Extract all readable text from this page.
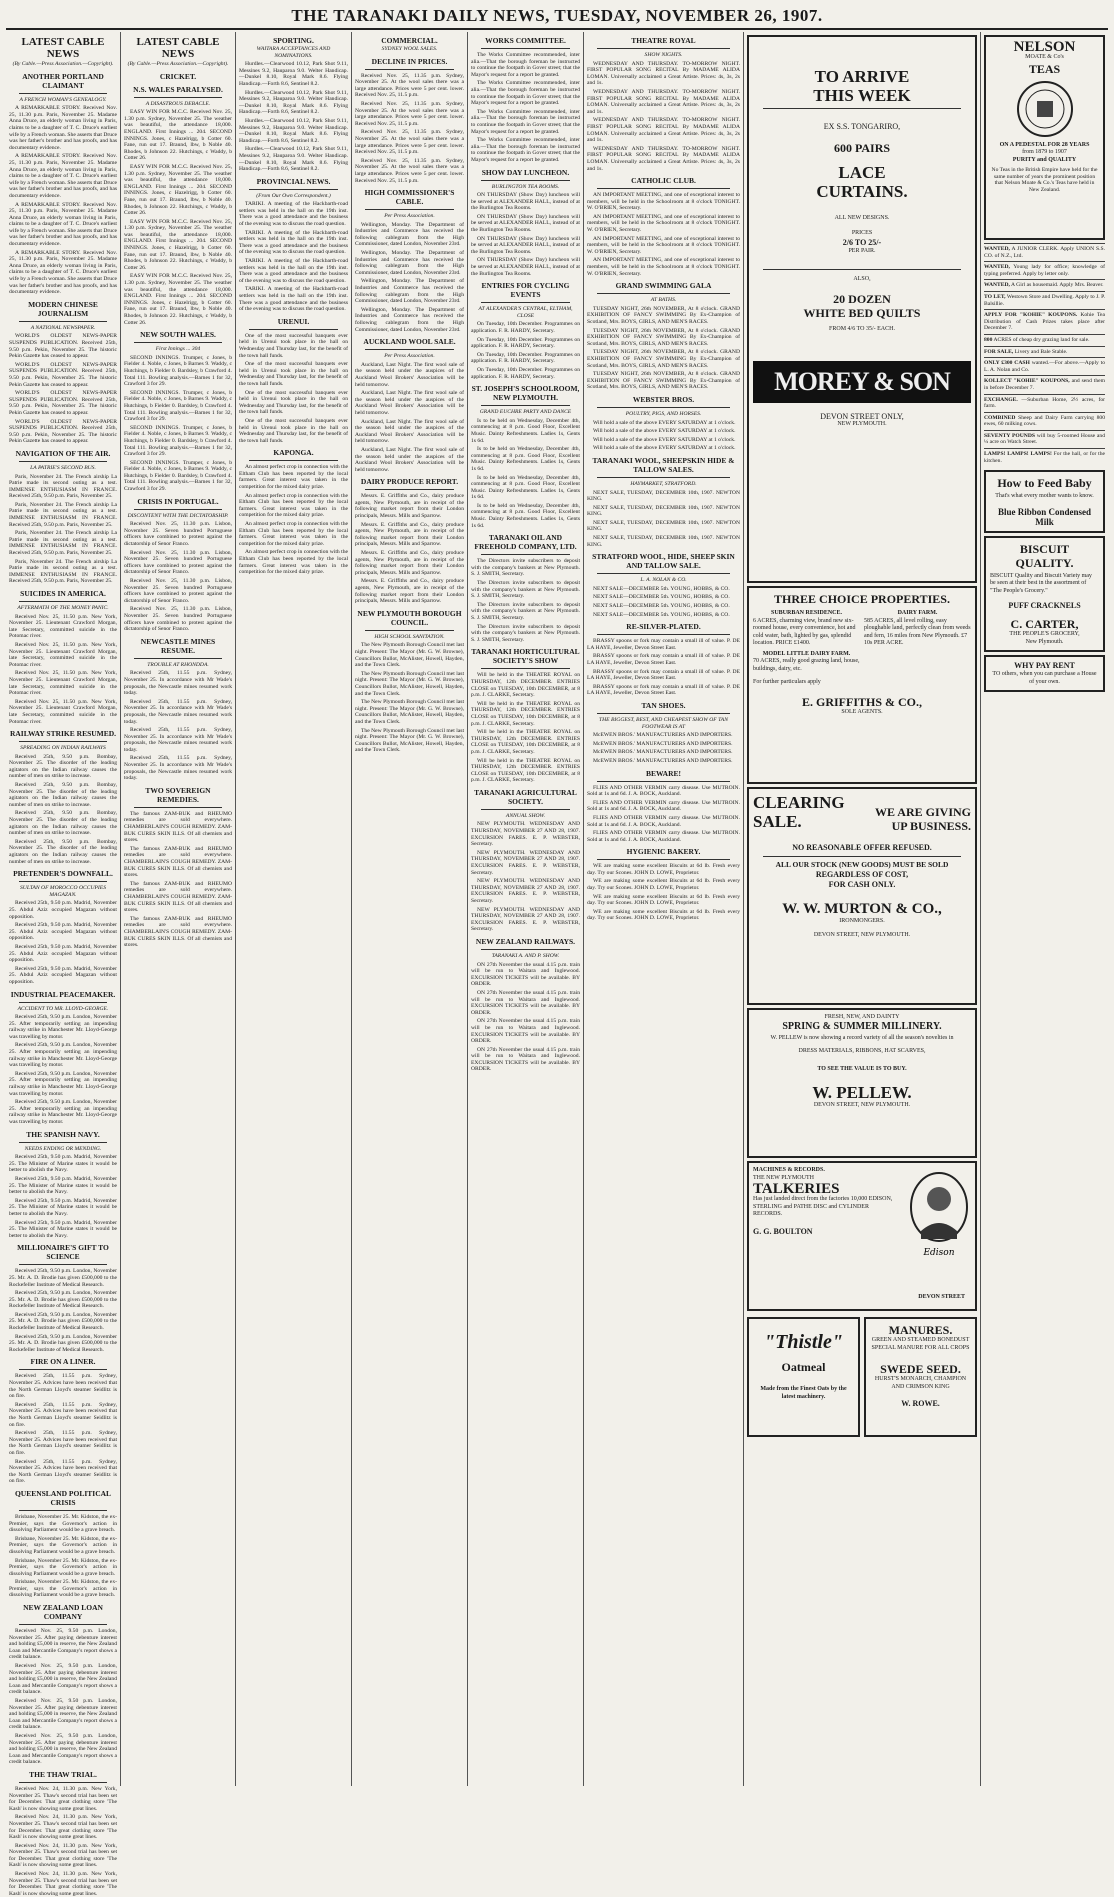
THE TARANAKI DAILY NEWS, TUESDAY, NOVEMBER 26, 1907.
LATEST CABLE NEWS
(By Cable.—Press Association.—Copyright).
ANOTHER PORTLAND CLAIMANT
A FRENCH WOMAN'S GENEALOGY.

A REMARKABLE STORY. Received Nov. 25, 11.30 p.m. Paris, November 25. Madame Anna Druce, an elderly woman living in Paris, claims to be a daughter of T. C. Druce's earliest wife by a French woman. She asserts that Druce was her father's brother and has proofs, and has documentary evidence.

A REMARKABLE STORY. Received Nov. 25, 11.30 p.m. Paris, November 25. Madame Anna Druce, an elderly woman living in Paris, claims to be a daughter of T. C. Druce's earliest wife by a French woman. She asserts that Druce was her father's brother and has proofs, and has documentary evidence.

A REMARKABLE STORY. Received Nov. 25, 11.30 p.m. Paris, November 25. Madame Anna Druce, an elderly woman living in Paris, claims to be a daughter of T. C. Druce's earliest wife by a French woman. She asserts that Druce was her father's brother and has proofs, and has documentary evidence.

A REMARKABLE STORY. Received Nov. 25, 11.30 p.m. Paris, November 25. Madame Anna Druce, an elderly woman living in Paris, claims to be a daughter of T. C. Druce's earliest wife by a French woman. She asserts that Druce was her father's brother and has proofs, and has documentary evidence.

MODERN CHINESE JOURNALISM
A NATIONAL NEWSPAPER.

WORLD'S OLDEST NEWS-PAPER SUSPENDS PUBLICATION. Received 25th, 9.50 p.m. Pekin, November 25. The historic Pekin Gazette has ceased to appear.

WORLD'S OLDEST NEWS-PAPER SUSPENDS PUBLICATION. Received 25th, 9.50 p.m. Pekin, November 25. The historic Pekin Gazette has ceased to appear.

WORLD'S OLDEST NEWS-PAPER SUSPENDS PUBLICATION. Received 25th, 9.50 p.m. Pekin, November 25. The historic Pekin Gazette has ceased to appear.

WORLD'S OLDEST NEWS-PAPER SUSPENDS PUBLICATION. Received 25th, 9.50 p.m. Pekin, November 25. The historic Pekin Gazette has ceased to appear.

NAVIGATION OF THE AIR.
LA PATRIE'S SECOND BUS.

Paris, November 24. The French airship La Patrie made its second outing as a test. IMMENSE ENTHUSIASM IN FRANCE. Received 25th, 9.50 p.m. Paris, November 25.

Paris, November 24. The French airship La Patrie made its second outing as a test. IMMENSE ENTHUSIASM IN FRANCE. Received 25th, 9.50 p.m. Paris, November 25.

Paris, November 24. The French airship La Patrie made its second outing as a test. IMMENSE ENTHUSIASM IN FRANCE. Received 25th, 9.50 p.m. Paris, November 25.

Paris, November 24. The French airship La Patrie made its second outing as a test. IMMENSE ENTHUSIASM IN FRANCE. Received 25th, 9.50 p.m. Paris, November 25.

SUICIDES IN AMERICA.
AFTERMATH OF THE MONEY PANIC.

Received Nov. 25, 11.50 p.m. New York, November 25. Lieutenant Crawford Morgan, late Secretary, committed suicide in the Potomac river.

Received Nov. 25, 11.50 p.m. New York, November 25. Lieutenant Crawford Morgan, late Secretary, committed suicide in the Potomac river.

Received Nov. 25, 11.50 p.m. New York, November 25. Lieutenant Crawford Morgan, late Secretary, committed suicide in the Potomac river.

Received Nov. 25, 11.50 p.m. New York, November 25. Lieutenant Crawford Morgan, late Secretary, committed suicide in the Potomac river.

RAILWAY STRIKE RESUMED.
SPREADING ON INDIAN RAILWAYS

Received 25th, 9.50 p.m. Bombay, November 25. The disorder of the leading agitators on the Indian railway causes the number of men on strike to increase.

Received 25th, 9.50 p.m. Bombay, November 25. The disorder of the leading agitators on the Indian railway causes the number of men on strike to increase.

Received 25th, 9.50 p.m. Bombay, November 25. The disorder of the leading agitators on the Indian railway causes the number of men on strike to increase.

Received 25th, 9.50 p.m. Bombay, November 25. The disorder of the leading agitators on the Indian railway causes the number of men on strike to increase.

PRETENDER'S DOWNFALL.
SULTAN OF MOROCCO OCCUPIES MAGAZAN.

Received 25th, 9.50 p.m. Madrid, November 25. Abdul Aziz occupied Magazan without opposition.

Received 25th, 9.50 p.m. Madrid, November 25. Abdul Aziz occupied Magazan without opposition.

Received 25th, 9.50 p.m. Madrid, November 25. Abdul Aziz occupied Magazan without opposition.

Received 25th, 9.50 p.m. Madrid, November 25. Abdul Aziz occupied Magazan without opposition.

INDUSTRIAL PEACEMAKER.
ACCIDENT TO MR. LLOYD-GEORGE.

Received 25th, 9.50 p.m. London, November 25. After temporarily settling an impending railway strike in Manchester Mr. Lloyd-George was travelling by motor.

Received 25th, 9.50 p.m. London, November 25. After temporarily settling an impending railway strike in Manchester Mr. Lloyd-George was travelling by motor.

Received 25th, 9.50 p.m. London, November 25. After temporarily settling an impending railway strike in Manchester Mr. Lloyd-George was travelling by motor.

Received 25th, 9.50 p.m. London, November 25. After temporarily settling an impending railway strike in Manchester Mr. Lloyd-George was travelling by motor.

THE SPANISH NAVY.
NEEDS ENDING OR MENDING.

Received 25th, 9.50 p.m. Madrid, November 25. The Minister of Marine states it would be better to abolish the Navy.

Received 25th, 9.50 p.m. Madrid, November 25. The Minister of Marine states it would be better to abolish the Navy.

Received 25th, 9.50 p.m. Madrid, November 25. The Minister of Marine states it would be better to abolish the Navy.

Received 25th, 9.50 p.m. Madrid, November 25. The Minister of Marine states it would be better to abolish the Navy.

MILLIONAIRE'S GIFT TO SCIENCE

Received 25th, 9.50 p.m. London, November 25. Mr. A. D. Brodie has given £500,000 to the Rockefeller Institute of Medical Research.

Received 25th, 9.50 p.m. London, November 25. Mr. A. D. Brodie has given £500,000 to the Rockefeller Institute of Medical Research.

Received 25th, 9.50 p.m. London, November 25. Mr. A. D. Brodie has given £500,000 to the Rockefeller Institute of Medical Research.

Received 25th, 9.50 p.m. London, November 25. Mr. A. D. Brodie has given £500,000 to the Rockefeller Institute of Medical Research.

FIRE ON A LINER.

Received 25th, 11.55 p.m. Sydney, November 25. Advices have been received that the North German Lloyd's steamer Seidlitz is on fire.

Received 25th, 11.55 p.m. Sydney, November 25. Advices have been received that the North German Lloyd's steamer Seidlitz is on fire.

Received 25th, 11.55 p.m. Sydney, November 25. Advices have been received that the North German Lloyd's steamer Seidlitz is on fire.

Received 25th, 11.55 p.m. Sydney, November 25. Advices have been received that the North German Lloyd's steamer Seidlitz is on fire.

QUEENSLAND POLITICAL CRISIS

Brisbane, November 25. Mr. Kidston, the ex-Premier, says the Governor's action in dissolving Parliament would be a grave breach.

Brisbane, November 25. Mr. Kidston, the ex-Premier, says the Governor's action in dissolving Parliament would be a grave breach.

Brisbane, November 25. Mr. Kidston, the ex-Premier, says the Governor's action in dissolving Parliament would be a grave breach.

Brisbane, November 25. Mr. Kidston, the ex-Premier, says the Governor's action in dissolving Parliament would be a grave breach.

NEW ZEALAND LOAN COMPANY

Received Nov. 25, 9.50 p.m. London, November 25. After paying debenture interest and holding £5,000 in reserve, the New Zealand Loan and Mercantile Company's report shows a credit balance.

Received Nov. 25, 9.50 p.m. London, November 25. After paying debenture interest and holding £5,000 in reserve, the New Zealand Loan and Mercantile Company's report shows a credit balance.

Received Nov. 25, 9.50 p.m. London, November 25. After paying debenture interest and holding £5,000 in reserve, the New Zealand Loan and Mercantile Company's report shows a credit balance.

Received Nov. 25, 9.50 p.m. London, November 25. After paying debenture interest and holding £5,000 in reserve, the New Zealand Loan and Mercantile Company's report shows a credit balance.

THE THAW TRIAL.

Received Nov. 24, 11.30 p.m. New York, November 25. Thaw's second trial has been set for December. That great clothing store 'The Kash' is now showing some great lines.

Received Nov. 24, 11.30 p.m. New York, November 25. Thaw's second trial has been set for December. That great clothing store 'The Kash' is now showing some great lines.

Received Nov. 24, 11.30 p.m. New York, November 25. Thaw's second trial has been set for December. That great clothing store 'The Kash' is now showing some great lines.

Received Nov. 24, 11.30 p.m. New York, November 25. Thaw's second trial has been set for December. That great clothing store 'The Kash' is now showing some great lines.

LATEST CABLE NEWS
(By Cable.—Press Association.—Copyright).
CRICKET.
N.S. WALES PARALYSED.
A DISASTROUS DEBACLE.

EASY WIN FOR M.C.C. Received Nov. 25, 1.30 p.m. Sydney, November 25. The weather was beautiful, the attendance 18,000. ENGLAND. First Innings ... 204. SECOND INNINGS. Jones, c Hazelrigg, b Cotter 60. Fane, run out 17. Braund, lbw, b Noble 40. Rhodes, b Johnson 22. Hutchings, c Waddy, b Cotter 26.

EASY WIN FOR M.C.C. Received Nov. 25, 1.30 p.m. Sydney, November 25. The weather was beautiful, the attendance 18,000. ENGLAND. First Innings ... 204. SECOND INNINGS. Jones, c Hazelrigg, b Cotter 60. Fane, run out 17. Braund, lbw, b Noble 40. Rhodes, b Johnson 22. Hutchings, c Waddy, b Cotter 26.

EASY WIN FOR M.C.C. Received Nov. 25, 1.30 p.m. Sydney, November 25. The weather was beautiful, the attendance 18,000. ENGLAND. First Innings ... 204. SECOND INNINGS. Jones, c Hazelrigg, b Cotter 60. Fane, run out 17. Braund, lbw, b Noble 40. Rhodes, b Johnson 22. Hutchings, c Waddy, b Cotter 26.

EASY WIN FOR M.C.C. Received Nov. 25, 1.30 p.m. Sydney, November 25. The weather was beautiful, the attendance 18,000. ENGLAND. First Innings ... 204. SECOND INNINGS. Jones, c Hazelrigg, b Cotter 60. Fane, run out 17. Braund, lbw, b Noble 40. Rhodes, b Johnson 22. Hutchings, c Waddy, b Cotter 26.

NEW SOUTH WALES.
First Innings ... 304

SECOND INNINGS. Trumper, c Jones, b Fielder 4. Noble, c Jones, b Barnes 9. Waddy, c Hutchings, b Fielder 0. Bardsley, b Crawford 4. Total 111. Bowling analysis.—Barnes 1 for 32, Crawford 3 for 29.

SECOND INNINGS. Trumper, c Jones, b Fielder 4. Noble, c Jones, b Barnes 9. Waddy, c Hutchings, b Fielder 0. Bardsley, b Crawford 4. Total 111. Bowling analysis.—Barnes 1 for 32, Crawford 3 for 29.

SECOND INNINGS. Trumper, c Jones, b Fielder 4. Noble, c Jones, b Barnes 9. Waddy, c Hutchings, b Fielder 0. Bardsley, b Crawford 4. Total 111. Bowling analysis.—Barnes 1 for 32, Crawford 3 for 29.

SECOND INNINGS. Trumper, c Jones, b Fielder 4. Noble, c Jones, b Barnes 9. Waddy, c Hutchings, b Fielder 0. Bardsley, b Crawford 4. Total 111. Bowling analysis.—Barnes 1 for 32, Crawford 3 for 29.

CRISIS IN PORTUGAL.
DISCONTENT WITH THE DICTATORSHIP.

Received Nov. 25, 11.30 p.m. Lisbon, November 25. Seven hundred Portuguese officers have combined to protest against the dictatorship of Senor Franco.

Received Nov. 25, 11.30 p.m. Lisbon, November 25. Seven hundred Portuguese officers have combined to protest against the dictatorship of Senor Franco.

Received Nov. 25, 11.30 p.m. Lisbon, November 25. Seven hundred Portuguese officers have combined to protest against the dictatorship of Senor Franco.

Received Nov. 25, 11.30 p.m. Lisbon, November 25. Seven hundred Portuguese officers have combined to protest against the dictatorship of Senor Franco.

NEWCASTLE MINES RESUME.
TROUBLE AT RHONDDA.

Received 25th, 11.55 p.m. Sydney, November 25. In accordance with Mr Wade's proposals, the Newcastle mines resumed work today.

Received 25th, 11.55 p.m. Sydney, November 25. In accordance with Mr Wade's proposals, the Newcastle mines resumed work today.

Received 25th, 11.55 p.m. Sydney, November 25. In accordance with Mr Wade's proposals, the Newcastle mines resumed work today.

Received 25th, 11.55 p.m. Sydney, November 25. In accordance with Mr Wade's proposals, the Newcastle mines resumed work today.

TWO SOVEREIGN REMEDIES.

The famous ZAM-BUK and RHEUMO remedies are sold everywhere. CHAMBERLAIN'S COUGH REMEDY. ZAM-BUK CURES SKIN ILLS. Of all chemists and stores.

The famous ZAM-BUK and RHEUMO remedies are sold everywhere. CHAMBERLAIN'S COUGH REMEDY. ZAM-BUK CURES SKIN ILLS. Of all chemists and stores.

The famous ZAM-BUK and RHEUMO remedies are sold everywhere. CHAMBERLAIN'S COUGH REMEDY. ZAM-BUK CURES SKIN ILLS. Of all chemists and stores.

The famous ZAM-BUK and RHEUMO remedies are sold everywhere. CHAMBERLAIN'S COUGH REMEDY. ZAM-BUK CURES SKIN ILLS. Of all chemists and stores.

SPORTING.
WAITARA ACCEPTANCES AND NOMINATIONS.

Hurdles.—Clearwood 10.12, Park Shot 9.11, Messines 9.2, Hauparoa 9.0. Welter Handicap.—Dunkel 8.10, Royal Mark 8.6. Flying Handicap.—Forth 8.6, Sentinel 8.2.

Hurdles.—Clearwood 10.12, Park Shot 9.11, Messines 9.2, Hauparoa 9.0. Welter Handicap.—Dunkel 8.10, Royal Mark 8.6. Flying Handicap.—Forth 8.6, Sentinel 8.2.

Hurdles.—Clearwood 10.12, Park Shot 9.11, Messines 9.2, Hauparoa 9.0. Welter Handicap.—Dunkel 8.10, Royal Mark 8.6. Flying Handicap.—Forth 8.6, Sentinel 8.2.

Hurdles.—Clearwood 10.12, Park Shot 9.11, Messines 9.2, Hauparoa 9.0. Welter Handicap.—Dunkel 8.10, Royal Mark 8.6. Flying Handicap.—Forth 8.6, Sentinel 8.2.

PROVINCIAL NEWS.
(From Our Own Correspondent.)

TARIKI. A meeting of the Hackbarth-road settlers was held in the hall on the 19th inst. There was a good attendance and the business of the evening was to discuss the road question.

TARIKI. A meeting of the Hackbarth-road settlers was held in the hall on the 19th inst. There was a good attendance and the business of the evening was to discuss the road question.

TARIKI. A meeting of the Hackbarth-road settlers was held in the hall on the 19th inst. There was a good attendance and the business of the evening was to discuss the road question.

TARIKI. A meeting of the Hackbarth-road settlers was held in the hall on the 19th inst. There was a good attendance and the business of the evening was to discuss the road question.

URENUI.

One of the most successful banquets ever held in Urenui took place in the hall on Wednesday and Thursday last, for the benefit of the town hall funds.

One of the most successful banquets ever held in Urenui took place in the hall on Wednesday and Thursday last, for the benefit of the town hall funds.

One of the most successful banquets ever held in Urenui took place in the hall on Wednesday and Thursday last, for the benefit of the town hall funds.

One of the most successful banquets ever held in Urenui took place in the hall on Wednesday and Thursday last, for the benefit of the town hall funds.

KAPONGA.

An almost perfect crop in connection with the Eltham Club has been reported by the local farmers. Great interest was taken in the competition for the mixed dairy prize.

An almost perfect crop in connection with the Eltham Club has been reported by the local farmers. Great interest was taken in the competition for the mixed dairy prize.

An almost perfect crop in connection with the Eltham Club has been reported by the local farmers. Great interest was taken in the competition for the mixed dairy prize.

An almost perfect crop in connection with the Eltham Club has been reported by the local farmers. Great interest was taken in the competition for the mixed dairy prize.

COMMERCIAL.
SYDNEY WOOL SALES.
DECLINE IN PRICES.

Received Nov. 25, 11.35 p.m. Sydney, November 25. At the wool sales there was a large attendance. Prices were 5 per cent. lower. Received Nov. 25, 11.5 p.m.

Received Nov. 25, 11.35 p.m. Sydney, November 25. At the wool sales there was a large attendance. Prices were 5 per cent. lower. Received Nov. 25, 11.5 p.m.

Received Nov. 25, 11.35 p.m. Sydney, November 25. At the wool sales there was a large attendance. Prices were 5 per cent. lower. Received Nov. 25, 11.5 p.m.

Received Nov. 25, 11.35 p.m. Sydney, November 25. At the wool sales there was a large attendance. Prices were 5 per cent. lower. Received Nov. 25, 11.5 p.m.

HIGH COMMISSIONER'S CABLE.
Per Press Association.

Wellington, Monday. The Department of Industries and Commerce has received the following cablegram from the High Commissioner, dated London, November 23rd.

Wellington, Monday. The Department of Industries and Commerce has received the following cablegram from the High Commissioner, dated London, November 23rd.

Wellington, Monday. The Department of Industries and Commerce has received the following cablegram from the High Commissioner, dated London, November 23rd.

Wellington, Monday. The Department of Industries and Commerce has received the following cablegram from the High Commissioner, dated London, November 23rd.

AUCKLAND WOOL SALE.
Per Press Association.

Auckland, Last Night. The first wool sale of the season held under the auspices of the Auckland Wool Brokers' Association will be held tomorrow.

Auckland, Last Night. The first wool sale of the season held under the auspices of the Auckland Wool Brokers' Association will be held tomorrow.

Auckland, Last Night. The first wool sale of the season held under the auspices of the Auckland Wool Brokers' Association will be held tomorrow.

Auckland, Last Night. The first wool sale of the season held under the auspices of the Auckland Wool Brokers' Association will be held tomorrow.

DAIRY PRODUCE REPORT.

Messrs. E. Griffiths and Co., dairy produce agents, New Plymouth, are in receipt of the following market report from their London principals, Messrs. Mills and Sparrow.

Messrs. E. Griffiths and Co., dairy produce agents, New Plymouth, are in receipt of the following market report from their London principals, Messrs. Mills and Sparrow.

Messrs. E. Griffiths and Co., dairy produce agents, New Plymouth, are in receipt of the following market report from their London principals, Messrs. Mills and Sparrow.

Messrs. E. Griffiths and Co., dairy produce agents, New Plymouth, are in receipt of the following market report from their London principals, Messrs. Mills and Sparrow.

NEW PLYMOUTH BOROUGH COUNCIL.
HIGH SCHOOL SANITATION.

The New Plymouth Borough Council met last night. Present: The Mayor (Mr. G. W. Browne), Councillors Bullot, McAlister, Howell, Hayden, and the Town Clerk.

The New Plymouth Borough Council met last night. Present: The Mayor (Mr. G. W. Browne), Councillors Bullot, McAlister, Howell, Hayden, and the Town Clerk.

The New Plymouth Borough Council met last night. Present: The Mayor (Mr. G. W. Browne), Councillors Bullot, McAlister, Howell, Hayden, and the Town Clerk.

The New Plymouth Borough Council met last night. Present: The Mayor (Mr. G. W. Browne), Councillors Bullot, McAlister, Howell, Hayden, and the Town Clerk.

WORKS COMMITTEE.

The Works Committee recommended, inter alia.—That the borough foreman be instructed to continue the footpath in Gover street; that the Mayor's request for a report be granted.

The Works Committee recommended, inter alia.—That the borough foreman be instructed to continue the footpath in Gover street; that the Mayor's request for a report be granted.

The Works Committee recommended, inter alia.—That the borough foreman be instructed to continue the footpath in Gover street; that the Mayor's request for a report be granted.

The Works Committee recommended, inter alia.—That the borough foreman be instructed to continue the footpath in Gover street; that the Mayor's request for a report be granted.

SHOW DAY LUNCHEON.
BURLINGTON TEA ROOMS.

ON THURSDAY (Show Day) luncheon will be served at ALEXANDER HALL, instead of at the Burlington Tea Rooms.

ON THURSDAY (Show Day) luncheon will be served at ALEXANDER HALL, instead of at the Burlington Tea Rooms.

ON THURSDAY (Show Day) luncheon will be served at ALEXANDER HALL, instead of at the Burlington Tea Rooms.

ON THURSDAY (Show Day) luncheon will be served at ALEXANDER HALL, instead of at the Burlington Tea Rooms.

ENTRIES FOR CYCLING EVENTS
AT ALEXANDER'S CENTRAL, ELTHAM, CLOSE

On Tuesday, 10th December. Programmes on application. F. R. HARDY, Secretary.

On Tuesday, 10th December. Programmes on application. F. R. HARDY, Secretary.

On Tuesday, 10th December. Programmes on application. F. R. HARDY, Secretary.

On Tuesday, 10th December. Programmes on application. F. R. HARDY, Secretary.

ST. JOSEPH'S SCHOOLROOM, NEW PLYMOUTH.
GRAND EUCHRE PARTY AND DANCE

Is to be held on Wednesday, December 4th, commencing at 8 p.m. Good Floor, Excellent Music. Dainty Refreshments. Ladies 1s, Gents 1s 6d.

Is to be held on Wednesday, December 4th, commencing at 8 p.m. Good Floor, Excellent Music. Dainty Refreshments. Ladies 1s, Gents 1s 6d.

Is to be held on Wednesday, December 4th, commencing at 8 p.m. Good Floor, Excellent Music. Dainty Refreshments. Ladies 1s, Gents 1s 6d.

Is to be held on Wednesday, December 4th, commencing at 8 p.m. Good Floor, Excellent Music. Dainty Refreshments. Ladies 1s, Gents 1s 6d.

TARANAKI OIL AND FREEHOLD COMPANY, LTD.

The Directors invite subscribers to deposit with the company's bankers at New Plymouth. S. J. SMITH, Secretary.

The Directors invite subscribers to deposit with the company's bankers at New Plymouth. S. J. SMITH, Secretary.

The Directors invite subscribers to deposit with the company's bankers at New Plymouth. S. J. SMITH, Secretary.

The Directors invite subscribers to deposit with the company's bankers at New Plymouth. S. J. SMITH, Secretary.

TARANAKI HORTICULTURAL SOCIETY'S SHOW

Will be held in the THEATRE ROYAL on THURSDAY, 12th DECEMBER. ENTRIES CLOSE on TUESDAY, 10th DECEMBER, at 8 p.m. J. CLARKE, Secretary.

Will be held in the THEATRE ROYAL on THURSDAY, 12th DECEMBER. ENTRIES CLOSE on TUESDAY, 10th DECEMBER, at 8 p.m. J. CLARKE, Secretary.

Will be held in the THEATRE ROYAL on THURSDAY, 12th DECEMBER. ENTRIES CLOSE on TUESDAY, 10th DECEMBER, at 8 p.m. J. CLARKE, Secretary.

Will be held in the THEATRE ROYAL on THURSDAY, 12th DECEMBER. ENTRIES CLOSE on TUESDAY, 10th DECEMBER, at 8 p.m. J. CLARKE, Secretary.

TARANAKI AGRICULTURAL SOCIETY.
ANNUAL SHOW.

NEW PLYMOUTH. WEDNESDAY AND THURSDAY, NOVEMBER 27 AND 28, 1907. EXCURSION FARES. E. P. WEBSTER, Secretary.

NEW PLYMOUTH. WEDNESDAY AND THURSDAY, NOVEMBER 27 AND 28, 1907. EXCURSION FARES. E. P. WEBSTER, Secretary.

NEW PLYMOUTH. WEDNESDAY AND THURSDAY, NOVEMBER 27 AND 28, 1907. EXCURSION FARES. E. P. WEBSTER, Secretary.

NEW PLYMOUTH. WEDNESDAY AND THURSDAY, NOVEMBER 27 AND 28, 1907. EXCURSION FARES. E. P. WEBSTER, Secretary.

NEW ZEALAND RAILWAYS.
TARANAKI A. AND P. SHOW.

ON 27th November the usual 4.15 p.m. train will be run to Waitara and Inglewood. EXCURSION TICKETS will be available. BY ORDER.

ON 27th November the usual 4.15 p.m. train will be run to Waitara and Inglewood. EXCURSION TICKETS will be available. BY ORDER.

ON 27th November the usual 4.15 p.m. train will be run to Waitara and Inglewood. EXCURSION TICKETS will be available. BY ORDER.

ON 27th November the usual 4.15 p.m. train will be run to Waitara and Inglewood. EXCURSION TICKETS will be available. BY ORDER.

THEATRE ROYAL
SHOW NIGHTS.

WEDNESDAY AND THURSDAY. TO-MORROW NIGHT. FIRST POPULAR SONG RECITAL By MADAME ALIDA LOMAN. Universally acclaimed a Great Artiste. Prices: 4s, 3s, 2s and 1s.

WEDNESDAY AND THURSDAY. TO-MORROW NIGHT. FIRST POPULAR SONG RECITAL By MADAME ALIDA LOMAN. Universally acclaimed a Great Artiste. Prices: 4s, 3s, 2s and 1s.

WEDNESDAY AND THURSDAY. TO-MORROW NIGHT. FIRST POPULAR SONG RECITAL By MADAME ALIDA LOMAN. Universally acclaimed a Great Artiste. Prices: 4s, 3s, 2s and 1s.

WEDNESDAY AND THURSDAY. TO-MORROW NIGHT. FIRST POPULAR SONG RECITAL By MADAME ALIDA LOMAN. Universally acclaimed a Great Artiste. Prices: 4s, 3s, 2s and 1s.

CATHOLIC CLUB.

AN IMPORTANT MEETING, and one of exceptional interest to members, will be held in the Schoolroom at 8 o'clock TONIGHT. W. O'BRIEN, Secretary.

AN IMPORTANT MEETING, and one of exceptional interest to members, will be held in the Schoolroom at 8 o'clock TONIGHT. W. O'BRIEN, Secretary.

AN IMPORTANT MEETING, and one of exceptional interest to members, will be held in the Schoolroom at 8 o'clock TONIGHT. W. O'BRIEN, Secretary.

AN IMPORTANT MEETING, and one of exceptional interest to members, will be held in the Schoolroom at 8 o'clock TONIGHT. W. O'BRIEN, Secretary.

GRAND SWIMMING GALA
AT BATHS.

TUESDAY NIGHT, 26th NOVEMBER, At 8 o'clock. GRAND EXHIBITION OF FANCY SWIMMING By Ex-Champion of Scotland, Mrs. BOYS, GIRLS, AND MEN'S RACES.

TUESDAY NIGHT, 26th NOVEMBER, At 8 o'clock. GRAND EXHIBITION OF FANCY SWIMMING By Ex-Champion of Scotland, Mrs. BOYS, GIRLS, AND MEN'S RACES.

TUESDAY NIGHT, 26th NOVEMBER, At 8 o'clock. GRAND EXHIBITION OF FANCY SWIMMING By Ex-Champion of Scotland, Mrs. BOYS, GIRLS, AND MEN'S RACES.

TUESDAY NIGHT, 26th NOVEMBER, At 8 o'clock. GRAND EXHIBITION OF FANCY SWIMMING By Ex-Champion of Scotland, Mrs. BOYS, GIRLS, AND MEN'S RACES.

WEBSTER BROS.
POULTRY, PIGS, AND HORSES.

Will hold a sale of the above EVERY SATURDAY at 1 o'clock.

Will hold a sale of the above EVERY SATURDAY at 1 o'clock.

Will hold a sale of the above EVERY SATURDAY at 1 o'clock.

Will hold a sale of the above EVERY SATURDAY at 1 o'clock.

TARANAKI WOOL, SHEEPSKIN HIDE & TALLOW SALES.
HAYMARKET, STRATFORD.

NEXT SALE, TUESDAY, DECEMBER 10th, 1907. NEWTON KING.

NEXT SALE, TUESDAY, DECEMBER 10th, 1907. NEWTON KING.

NEXT SALE, TUESDAY, DECEMBER 10th, 1907. NEWTON KING.

NEXT SALE, TUESDAY, DECEMBER 10th, 1907. NEWTON KING.

STRATFORD WOOL, HIDE, SHEEP SKIN AND TALLOW SALE.
L. A. NOLAN & CO.

NEXT SALE—DECEMBER 5th. YOUNG, HOBBS, & CO.

NEXT SALE—DECEMBER 5th. YOUNG, HOBBS, & CO.

NEXT SALE—DECEMBER 5th. YOUNG, HOBBS, & CO.

NEXT SALE—DECEMBER 5th. YOUNG, HOBBS, & CO.

RE-SILVER-PLATED.

BRASSY spoons or fork may contain a small ill of value. P. DE LA HAYE, Jeweller, Devon Street East.

BRASSY spoons or fork may contain a small ill of value. P. DE LA HAYE, Jeweller, Devon Street East.

BRASSY spoons or fork may contain a small ill of value. P. DE LA HAYE, Jeweller, Devon Street East.

BRASSY spoons or fork may contain a small ill of value. P. DE LA HAYE, Jeweller, Devon Street East.

TAN SHOES.
THE BIGGEST, BEST, AND CHEAPEST SHOW OF TAN FOOTWEAR IS AT

McEWEN BROS.' MANUFACTURERS AND IMPORTERS.

McEWEN BROS.' MANUFACTURERS AND IMPORTERS.

McEWEN BROS.' MANUFACTURERS AND IMPORTERS.

McEWEN BROS.' MANUFACTURERS AND IMPORTERS.

BEWARE!

FLIES AND OTHER VERMIN carry disease. Use MUTROIN. Sold at 1s and 6d. J. A. BOCK, Auckland.

FLIES AND OTHER VERMIN carry disease. Use MUTROIN. Sold at 1s and 6d. J. A. BOCK, Auckland.

FLIES AND OTHER VERMIN carry disease. Use MUTROIN. Sold at 1s and 6d. J. A. BOCK, Auckland.

FLIES AND OTHER VERMIN carry disease. Use MUTROIN. Sold at 1s and 6d. J. A. BOCK, Auckland.

HYGIENIC BAKERY.

WE are making some excellent Biscuits at 6d lb. Fresh every day. Try our Scones. JOHN D. LOWE, Proprietor.

WE are making some excellent Biscuits at 6d lb. Fresh every day. Try our Scones. JOHN D. LOWE, Proprietor.

WE are making some excellent Biscuits at 6d lb. Fresh every day. Try our Scones. JOHN D. LOWE, Proprietor.

WE are making some excellent Biscuits at 6d lb. Fresh every day. Try our Scones. JOHN D. LOWE, Proprietor.

TO ARRIVE
THIS WEEK
EX S.S. TONGARIRO,
600 PAIRS
LACE
CURTAINS.
ALL NEW DESIGNS.
PRICES
2/6 TO 25/-
PER PAIR.
ALSO,
20 DOZEN
WHITE BED QUILTS
FROM 4/6 TO 35/- EACH.
MOREY & SON
DEVON STREET ONLY,
NEW PLYMOUTH.
THREE CHOICE PROPERTIES.
SUBURBAN RESIDENCE.
6 ACRES, charming view, brand new six-roomed house, every convenience, hot and cold water, bath, lighted by gas, splendid location. PRICE £1400.
MODEL LITTLE DAIRY FARM.
70 ACRES, really good grazing land, house, buildings, dairy, etc.
DAIRY FARM.
585 ACRES, all level rolling, easy ploughable land, perfectly clean from weeds and fern, 16 miles from New Plymouth. £7 10s PER ACRE.
For further particulars apply
E. GRIFFITHS & CO.,
SOLE AGENTS.
CLEARING
SALE.	WE ARE GIVING
UP BUSINESS.
NO REASONABLE OFFER REFUSED.
ALL OUR STOCK (NEW GOODS) MUST BE SOLD
REGARDLESS OF COST,
FOR CASH ONLY.
W. W. MURTON & CO.,
IRONMONGERS.
DEVON STREET, NEW PLYMOUTH.
FRESH, NEW, AND DAINTY
SPRING & SUMMER MILLINERY.
W. PELLEW is now showing a record variety of all the season's novelties in
DRESS MATERIALS, RIBBONS, HAT SCARVES,
TO SEE THE VALUE IS TO BUY.
W. PELLEW.
DEVON STREET, NEW PLYMOUTH.
MACHINES & RECORDS.
THE NEW PLYMOUTH
TALKERIES
Has just landed direct from the factories 10,000 EDISON, STERLING and PATHE DISC and CYLINDER RECORDS.
G. G. BOULTON
Edison
DEVON STREET
"Thistle"
Oatmeal
Made from the Finest Oats by the latest machinery.
MANURES.
GREEN AND STEAMED BONEDUST
SPECIAL MANURE FOR ALL CROPS
SWEDE SEED.
HURST'S MONARCH, CHAMPION AND CRIMSON KING
W. ROWE.
NELSON
MOATE & Co's
TEAS
ON A PEDESTAL FOR 28 YEARS
from 1879 to 1907
PURITY and QUALITY
No Teas in the British Empire have held for the same number of years the prominent position that Nelson Moate & Co.'s Teas have held in New Zealand.
WANTED, A JUNIOR CLERK. Apply UNION S.S. CO. of N.Z., Ltd.
WANTED, Young lady for office; knowledge of typing preferred. Apply by letter only.
WANTED, A Girl as housemaid. Apply Mrs. Beaver.
TO LET, Westown Store and Dwelling. Apply to J. P. Balsillie.
APPLY FOR "KOHIE" KOUPONS. Kohie Tea Distribution of Cash Prizes takes place after December 7.
800 ACRES of cheap dry grazing land for sale.
FOR SALE, Livery and Bale Stable.
ONLY £300 CASH wanted.—For above.—Apply to L. A. Nolan and Co.
KOLLECT "KOHIE" KOUPONS, and send them in before December 7.
EXCHANGE. —Suburban Home, 2½ acres, for farm.
COMBINED Sheep and Dairy Farm carrying 800 ewes, 60 milking cows.
SEVENTY POUNDS will buy 5-roomed House and ¼ acre on Watch Street.
LAMPS! LAMPS! LAMPS! For the hall, or for the kitchen.
How to Feed Baby
That's what every mother wants to know.
Blue Ribbon Condensed Milk
BISCUIT QUALITY.
BISCUIT Quality and Biscuit Variety may be seen at their best in the assortment of "The People's Grocery."
PUFF CRACKNELS
C. CARTER,
THE PEOPLE'S GROCERY,
New Plymouth.
WHY PAY RENT
TO others, when you can purchase a House of your own.
